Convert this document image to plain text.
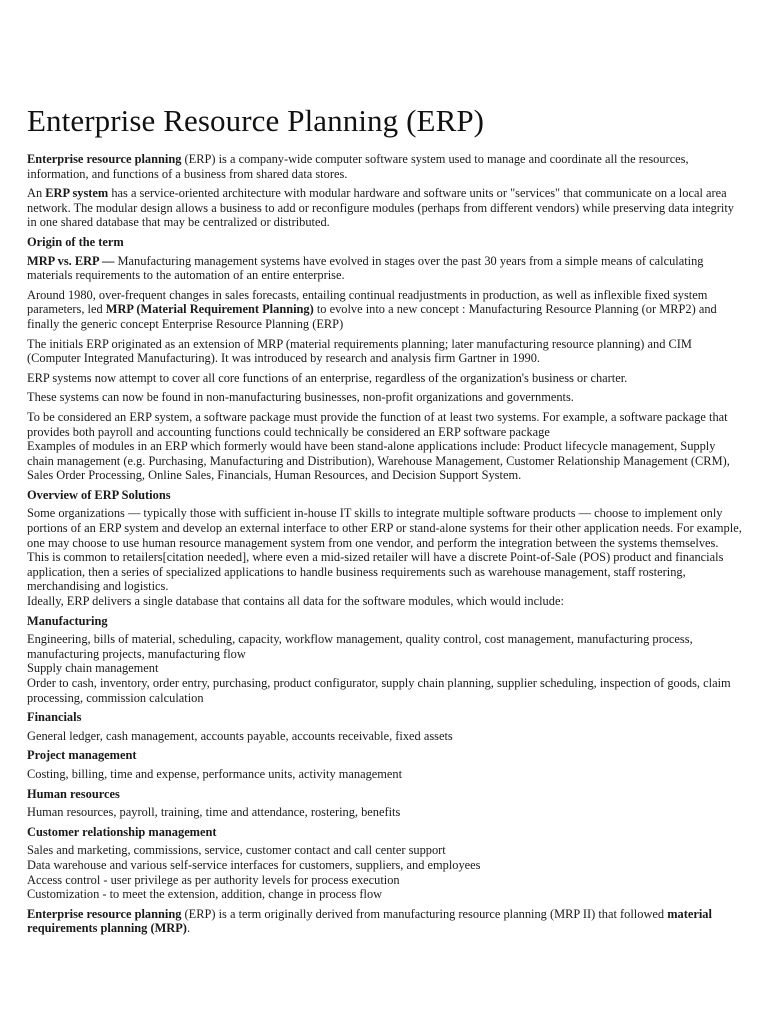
Enterprise Resource Planning (ERP)

Enterprise resource planning (ERP) is a company-wide computer software system used to manage and coordinate all the resources, information, and functions of a business from shared data stores.

An ERP system has a service-oriented architecture with modular hardware and software units or "services" that communicate on a local area network. The modular design allows a business to add or reconfigure modules (perhaps from different vendors) while preserving data integrity in one shared database that may be centralized or distributed.

Origin of the term

MRP vs. ERP — Manufacturing management systems have evolved in stages over the past 30 years from a simple means of calculating materials requirements to the automation of an entire enterprise.

Around 1980, over-frequent changes in sales forecasts, entailing continual readjustments in production, as well as inflexible fixed system parameters, led MRP (Material Requirement Planning) to evolve into a new concept : Manufacturing Resource Planning (or MRP2) and finally the generic concept Enterprise Resource Planning (ERP)

The initials ERP originated as an extension of MRP (material requirements planning; later manufacturing resource planning) and CIM (Computer Integrated Manufacturing). It was introduced by research and analysis firm Gartner in 1990.

ERP systems now attempt to cover all core functions of an enterprise, regardless of the organization's business or charter.

These systems can now be found in non-manufacturing businesses, non-profit organizations and governments.

To be considered an ERP system, a software package must provide the function of at least two systems. For example, a software package that provides both payroll and accounting functions could technically be considered an ERP software package

Examples of modules in an ERP which formerly would have been stand-alone applications include: Product lifecycle management, Supply chain management (e.g. Purchasing, Manufacturing and Distribution), Warehouse Management, Customer Relationship Management (CRM), Sales Order Processing, Online Sales, Financials, Human Resources, and Decision Support System.

Overview of ERP Solutions

Some organizations — typically those with sufficient in-house IT skills to integrate multiple software products — choose to implement only portions of an ERP system and develop an external interface to other ERP or stand-alone systems for their other application needs. For example, one may choose to use human resource management system from one vendor, and perform the integration between the systems themselves.

This is common to retailers[citation needed], where even a mid-sized retailer will have a discrete Point-of-Sale (POS) product and financials application, then a series of specialized applications to handle business requirements such as warehouse management, staff rostering, merchandising and logistics.

Ideally, ERP delivers a single database that contains all data for the software modules, which would include:

Manufacturing

Engineering, bills of material, scheduling, capacity, workflow management, quality control, cost management, manufacturing process, manufacturing projects, manufacturing flow

Supply chain management

Order to cash, inventory, order entry, purchasing, product configurator, supply chain planning, supplier scheduling, inspection of goods, claim processing, commission calculation

Financials

General ledger, cash management, accounts payable, accounts receivable, fixed assets

Project management

Costing, billing, time and expense, performance units, activity management

Human resources

Human resources, payroll, training, time and attendance, rostering, benefits

Customer relationship management

Sales and marketing, commissions, service, customer contact and call center support

Data warehouse and various self-service interfaces for customers, suppliers, and employees

Access control - user privilege as per authority levels for process execution

Customization - to meet the extension, addition, change in process flow

Enterprise resource planning (ERP) is a term originally derived from manufacturing resource planning (MRP II) that followed material requirements planning (MRP).
